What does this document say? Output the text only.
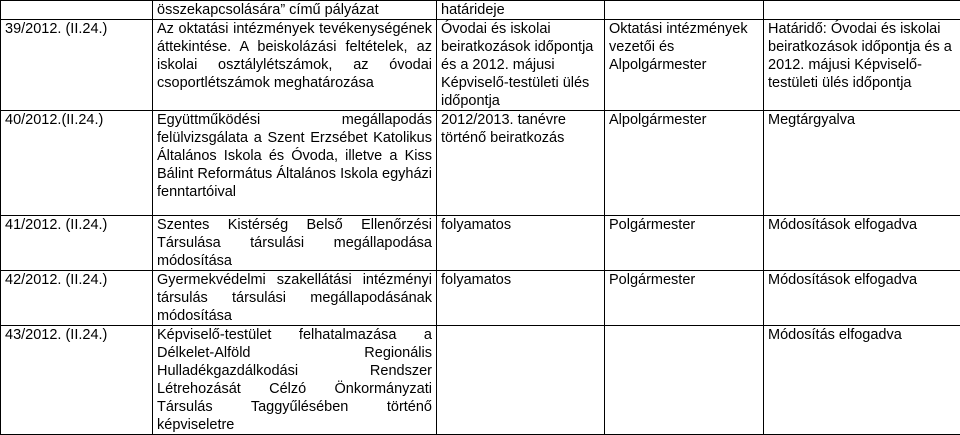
	összekapcsolására” című pályázat	határideje		
39/2012. (II.24.)	Az oktatási intézmények tevékenységének áttekintése. A beiskolázási feltételek, az iskolai osztálylétszámok, az óvodai csoportlétszámok meghatározása	Óvodai és iskolai beiratkozások időpontja és a 2012. májusi Képviselő-testületi ülés időpontja	Oktatási intézmények vezetői és Alpolgármester	Határidő: Óvodai és iskolai beiratkozások időpontja és a 2012. májusi Képviselő-testületi ülés időpontja
40/2012.(II.24.)	Együttműködési megállapodás felülvizsgálata a Szent Erzsébet Katolikus Általános Iskola és Óvoda, illetve a Kiss Bálint Református Általános Iskola egyházi fenntartóival	2012/2013. tanévre történő beiratkozás	Alpolgármester	Megtárgyalva
41/2012. (II.24.)	Szentes Kistérség Belső Ellenőrzési Társulása társulási megállapodása módosítása	folyamatos	Polgármester	Módosítások elfogadva
42/2012. (II.24.)	Gyermekvédelmi szakellátási intézményi társulás társulási megállapodásának módosítása	folyamatos	Polgármester	Módosítások elfogadva
43/2012. (II.24.)	Képviselő-testület felhatalmazása a Délkelet-Alföld Regionális Hulladékgazdálkodási Rendszer Létrehozását Célzó Önkormányzati Társulás Taggyűlésében történő képviseletre			Módosítás elfogadva
